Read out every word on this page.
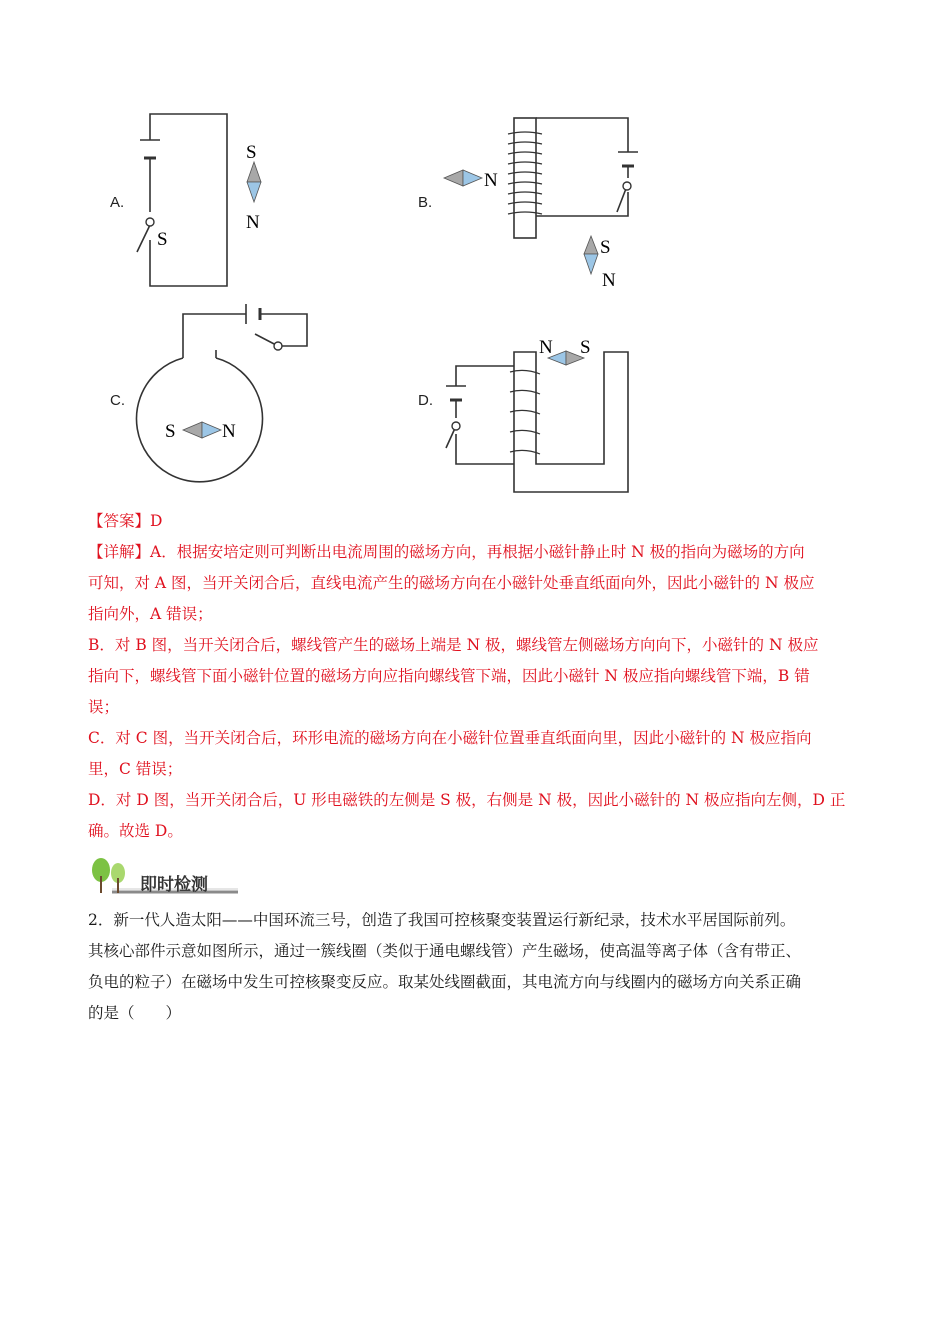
A.	B.
C.	D.
S
N
S
N
S
N
S N
N S

【答案】D

【详解】A．根据安培定则可判断出电流周围的磁场方向，再根据小磁针静止时 N 极的指向为磁场的方向

可知，对 A 图，当开关闭合后，直线电流产生的磁场方向在小磁针处垂直纸面向外，因此小磁针的 N 极应

指向外，A 错误；

B．对 B 图，当开关闭合后，螺线管产生的磁场上端是 N 极，螺线管左侧磁场方向向下，小磁针的 N 极应

指向下，螺线管下面小磁针位置的磁场方向应指向螺线管下端，因此小磁针 N 极应指向螺线管下端，B 错

误；

C．对 C 图，当开关闭合后，环形电流的磁场方向在小磁针位置垂直纸面向里，因此小磁针的 N 极应指向

里，C 错误；

D．对 D 图，当开关闭合后，U 形电磁铁的左侧是 S 极，右侧是 N 极，因此小磁针的 N 极应指向左侧，D 正

确。故选 D。

即时检测

2．新一代人造太阳——中国环流三号，创造了我国可控核聚变装置运行新纪录，技术水平居国际前列。

其核心部件示意如图所示，通过一簇线圈（类似于通电螺线管）产生磁场，使高温等离子体（含有带正、

负电的粒子）在磁场中发生可控核聚变反应。取某处线圈截面，其电流方向与线圈内的磁场方向关系正确

的是（　　）
